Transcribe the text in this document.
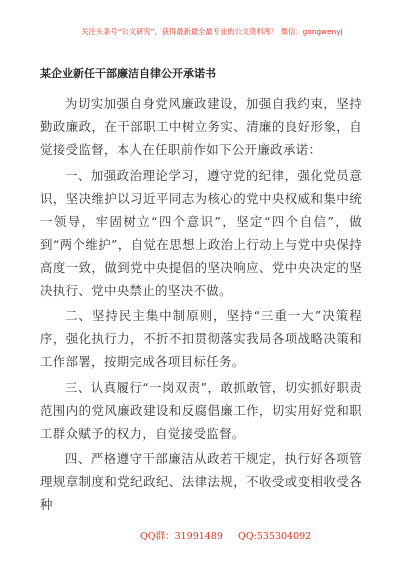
关注头条号“公文研究”，获得最新最全最专业的公文资料库！ 微信：gongwenyj
某企业新任干部廉洁自律公开承诺书

为切实加强自身党风廉政建设，加强自我约束，坚持勤政廉政，在干部职工中树立务实、清廉的良好形象，自觉接受监督，本人在任职前作如下公开廉政承诺：

一、加强政治理论学习，遵守党的纪律，强化党员意识，坚决维护以习近平同志为核心的党中央权威和集中统一领导，牢固树立“四个意识”，坚定“四个自信”，做到“两个维护”，自觉在思想上政治上行动上与党中央保持高度一致，做到党中央提倡的坚决响应、党中央决定的坚决执行、党中央禁止的坚决不做。

二、坚持民主集中制原则，坚持“三重一大”决策程序，强化执行力，不折不扣贯彻落实我局各项战略决策和工作部署，按期完成各项目标任务。

三、认真履行“一岗双责”，敢抓敢管，切实抓好职责范围内的党风廉政建设和反腐倡廉工作，切实用好党和职工群众赋予的权力，自觉接受监督。

四、严格遵守干部廉洁从政若干规定，执行好各项管理规章制度和党纪政纪、法律法规，不收受或变相收受各种

QQ群：31991489     QQ:535304092
